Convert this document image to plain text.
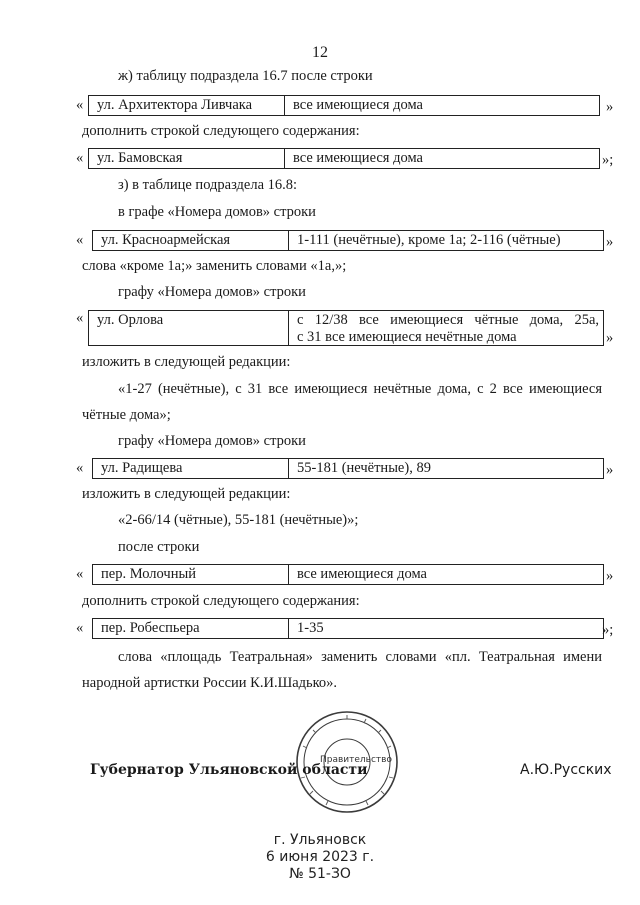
12
ж) таблицу подраздела 16.7 после строки
« ул. Архитектора Ливчака	все имеющиеся дома	»
дополнить строкой следующего содержания:
« ул. Бамовская	все имеющиеся дома	»;
з) в таблице подраздела 16.8:
в графе «Номера домов» строки
«	ул. Красноармейская	1-111 (нечётные), кроме 1а; 2-116 (чётные)	»
слова «кроме 1а;» заменить словами «1а,»;
графу «Номера домов» строки
« ул. Орлова	с 12/38 все имеющиеся чётные дома, 25а,
с 31 все имеющиеся нечётные дома	»
изложить в следующей редакции:
«1-27 (нечётные), с 31 все имеющиеся нечётные дома, с 2 все имеющиеся
чётные дома»;
графу «Номера домов» строки
«	ул. Радищева	55-181 (нечётные), 89	»
изложить в следующей редакции:
«2-66/14 (чётные), 55-181 (нечётные)»;
после строки
«	пер. Молочный	все имеющиеся дома	»
дополнить строкой следующего содержания:
«	пер. Робеспьера	1-35	»;
слова «площадь Театральная» заменить словами «пл. Театральная имени
народной артистки России К.И.Шадько».
Правительство
Губернатор Ульяновской области	А.Ю.Русских
г. Ульяновск
6 июня 2023 г.
№ 51-ЗО
